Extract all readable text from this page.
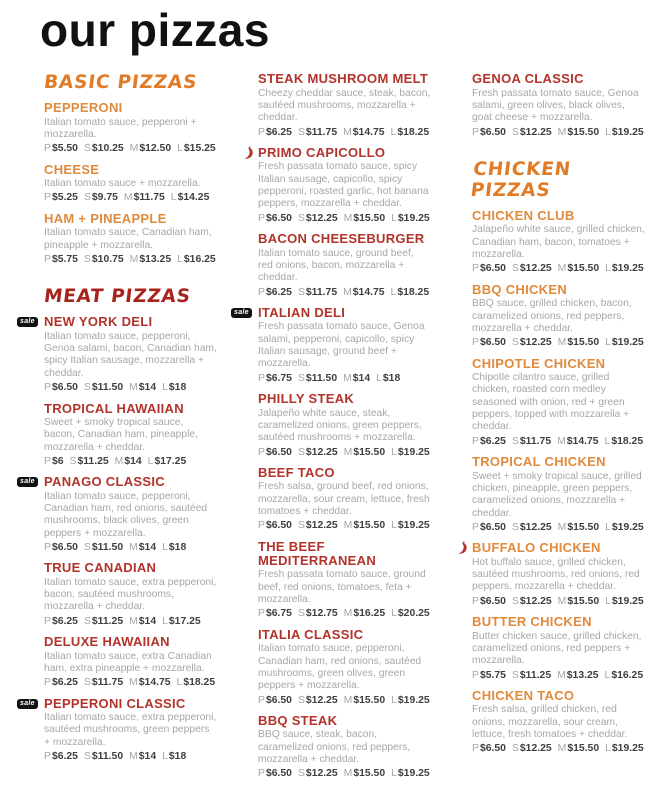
our pizzas
BASIC PIZZAS
PEPPERONI
Italian tomato sauce, pepperoni + mozzarella.
P$5.50 S$10.25 M$12.50 L$15.25
CHEESE
Italian tomato sauce + mozzarella.
P$5.25 S$9.75 M$11.75 L$14.25
HAM + PINEAPPLE
Italian tomato sauce, Canadian ham, pineapple + mozzarella.
P$5.75 S$10.75 M$13.25 L$16.25
MEAT PIZZAS
sale NEW YORK DELI
Italian tomato sauce, pepperoni, Genoa salami, bacon, Canadian ham, spicy Italian sausage, mozzarella + cheddar.
P$6.50 S$11.50 M$14 L$18
TROPICAL HAWAIIAN
Sweet + smoky tropical sauce, bacon, Canadian ham, pineapple, mozzarella + cheddar.
P$6 S$11.25 M$14 L$17.25
sale PANAGO CLASSIC
Italian tomato sauce, pepperoni, Canadian ham, red onions, sautéed mushrooms, black olives, green peppers + mozzarella.
P$6.50 S$11.50 M$14 L$18
TRUE CANADIAN
Italian tomato sauce, extra pepperoni, bacon, sautéed mushrooms, mozzarella + cheddar.
P$6.25 S$11.25 M$14 L$17.25
DELUXE HAWAIIAN
Italian tomato sauce, extra Canadian ham, extra pineapple + mozzarella.
P$6.25 S$11.75 M$14.75 L$18.25
sale PEPPERONI CLASSIC
Italian tomato sauce, extra pepperoni, sautéed mushrooms, green peppers + mozzarella.
P$6.25 S$11.50 M$14 L$18
STEAK MUSHROOM MELT
Cheezy cheddar sauce, steak, bacon, sautéed mushrooms, mozzarella + cheddar.
P$6.25 S$11.75 M$14.75 L$18.25
PRIMO CAPICOLLO
Fresh passata tomato sauce, spicy Italian sausage, capicollo, spicy pepperoni, roasted garlic, hot banana peppers, mozzarella + cheddar.
P$6.50 S$12.25 M$15.50 L$19.25
BACON CHEESEBURGER
Italian tomato sauce, ground beef, red onions, bacon, mozzarella + cheddar.
P$6.25 S$11.75 M$14.75 L$18.25
sale ITALIAN DELI
Fresh passata tomato sauce, Genoa salami, pepperoni, capicollo, spicy Italian sausage, ground beef + mozzarella.
P$6.75 S$11.50 M$14 L$18
PHILLY STEAK
Jalapeño white sauce, steak, caramelized onions, green peppers, sautéed mushrooms + mozzarella.
P$6.50 S$12.25 M$15.50 L$19.25
BEEF TACO
Fresh salsa, ground beef, red onions, mozzarella, sour cream, lettuce, fresh tomatoes + cheddar.
P$6.50 S$12.25 M$15.50 L$19.25
THE BEEF MEDITERRANEAN
Fresh passata tomato sauce, ground beef, red onions, tomatoes, feta + mozzarella.
P$6.75 S$12.75 M$16.25 L$20.25
ITALIA CLASSIC
Italian tomato sauce, pepperoni, Canadian ham, red onions, sautéed mushrooms, green olives, green peppers + mozzarella.
P$6.50 S$12.25 M$15.50 L$19.25
BBQ STEAK
BBQ sauce, steak, bacon, caramelized onions, red peppers, mozzarella + cheddar.
P$6.50 S$12.25 M$15.50 L$19.25
GENOA CLASSIC
Fresh passata tomato sauce, Genoa salami, green olives, black olives, goat cheese + mozzarella.
P$6.50 S$12.25 M$15.50 L$19.25
CHICKEN PIZZAS
CHICKEN CLUB
Jalapeño white sauce, grilled chicken, Canadian ham, bacon, tomatoes + mozzarella.
P$6.50 S$12.25 M$15.50 L$19.25
BBQ CHICKEN
BBQ sauce, grilled chicken, bacon, caramelized onions, red peppers, mozzarella + cheddar.
P$6.50 S$12.25 M$15.50 L$19.25
CHIPOTLE CHICKEN
Chipotle cilantro sauce, grilled chicken, roasted corn medley seasoned with onion, red + green peppers, topped with mozzarella + cheddar.
P$6.25 S$11.75 M$14.75 L$18.25
TROPICAL CHICKEN
Sweet + smoky tropical sauce, grilled chicken, pineapple, green peppers, caramelized onions, mozzarella + cheddar.
P$6.50 S$12.25 M$15.50 L$19.25
BUFFALO CHICKEN
Hot buffalo sauce, grilled chicken, sautéed mushrooms, red onions, red peppers, mozzarella + cheddar.
P$6.50 S$12.25 M$15.50 L$19.25
BUTTER CHICKEN
Butter chicken sauce, grilled chicken, caramelized onions, red peppers + mozzarella.
P$5.75 S$11.25 M$13.25 L$16.25
CHICKEN TACO
Fresh salsa, grilled chicken, red onions, mozzarella, sour cream, lettuce, fresh tomatoes + cheddar.
P$6.50 S$12.25 M$15.50 L$19.25
